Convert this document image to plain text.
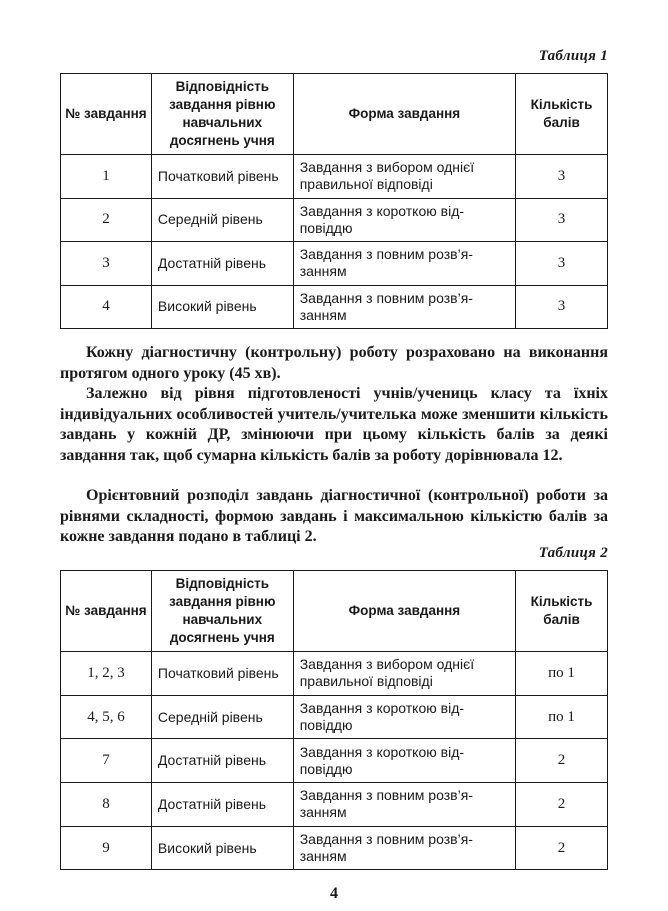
Таблиця 1
№ завдання	Відповідність завдання рівню навчальних досягнень учня	Форма завдання	Кількість балів
1	Початковий рівень	Завдання з вибором однієї правильної відповіді	3
2	Середній рівень	Завдання з короткою відповіддю	3
3	Достатній рівень	Завдання з повним розв’язанням	3
4	Високий рівень	Завдання з повним розв’язанням	3

Кожну діагностичну (контрольну) роботу розраховано на виконання протягом одного уроку (45 хв).

Залежно від рівня підготовленості учнів/учениць класу та їхніх індивідуальних особливостей учитель/учителька може зменшити кількість завдань у кожній ДР, змінюючи при цьому кількість балів за деякі завдання так, щоб сумарна кількість балів за роботу дорівнювала 12.

Орієнтовний розподіл завдань діагностичної (контрольної) роботи за рівнями складності, формою завдань і максимальною кількістю балів за кожне завдання подано в таблиці 2.

Таблиця 2
№ завдання	Відповідність завдання рівню навчальних досягнень учня	Форма завдання	Кількість балів
1, 2, 3	Початковий рівень	Завдання з вибором однієї правильної відповіді	по 1
4, 5, 6	Середній рівень	Завдання з короткою відповіддю	по 1
7	Достатній рівень	Завдання з короткою відповіддю	2
8	Достатній рівень	Завдання з повним розв’язанням	2
9	Високий рівень	Завдання з повним розв’язанням	2
4
